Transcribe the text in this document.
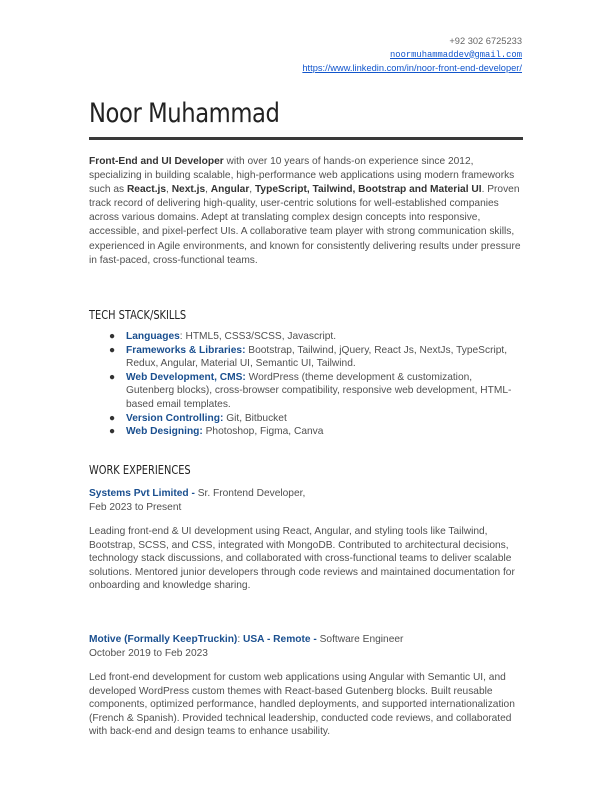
+92 302 6725233
noormuhammaddev@gmail.com
https://www.linkedin.com/in/noor-front-end-developer/
Noor Muhammad

Front-End and UI Developer with over 10 years of hands-on experience since 2012, specializing in building scalable, high-performance web applications using modern frameworks such as React.js, Next.js, Angular, TypeScript, Tailwind, Bootstrap and Material UI. Proven track record of delivering high-quality, user-centric solutions for well-established companies across various domains. Adept at translating complex design concepts into responsive, accessible, and pixel-perfect UIs. A collaborative team player with strong communication skills, experienced in Agile environments, and known for consistently delivering results under pressure in fast-paced, cross-functional teams.

TECH STACK/SKILLS
● Languages: HTML5, CSS3/SCSS, Javascript.
● Frameworks & Libraries: Bootstrap, Tailwind, jQuery, React Js, NextJs, TypeScript, Redux, Angular, Material UI, Semantic UI, Tailwind.
● Web Development, CMS: WordPress (theme development & customization, Gutenberg blocks), cross-browser compatibility, responsive web development, HTML-based email templates.
● Version Controlling: Git, Bitbucket
● Web Designing: Photoshop, Figma, Canva
WORK EXPERIENCES
Systems Pvt Limited - Sr. Frontend Developer,
Feb 2023 to Present

Leading front-end & UI development using React, Angular, and styling tools like Tailwind, Bootstrap, SCSS, and CSS, integrated with MongoDB. Contributed to architectural decisions, technology stack discussions, and collaborated with cross-functional teams to deliver scalable solutions. Mentored junior developers through code reviews and maintained documentation for onboarding and knowledge sharing.

Motive (Formally KeepTruckin): USA - Remote - Software Engineer
October 2019 to Feb 2023

Led front-end development for custom web applications using Angular with Semantic UI, and developed WordPress custom themes with React-based Gutenberg blocks. Built reusable components, optimized performance, handled deployments, and supported internationalization (French & Spanish). Provided technical leadership, conducted code reviews, and collaborated with back-end and design teams to enhance usability.
